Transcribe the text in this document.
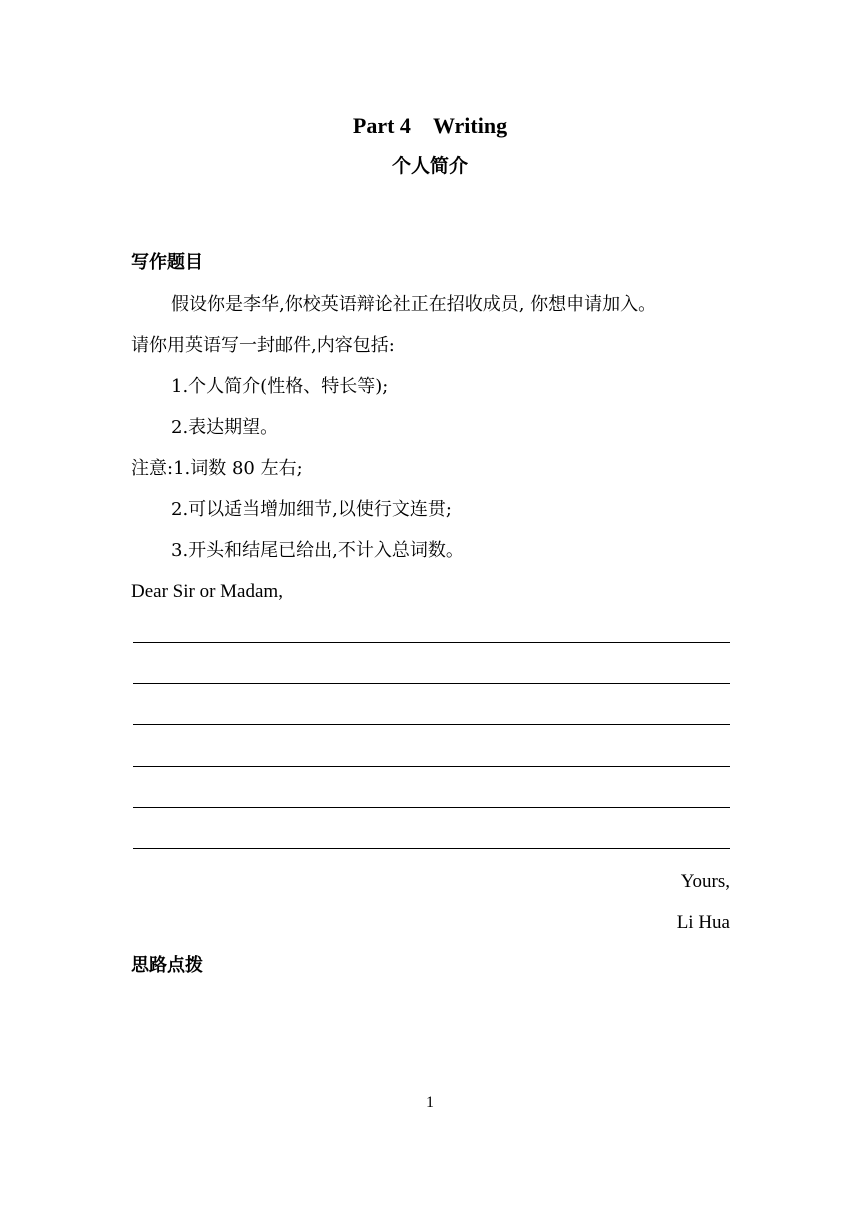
Part 4 Writing
个人简介
写作题目
假设你是李华,你校英语辩论社正在招收成员, 你想申请加入。
请你用英语写一封邮件,内容包括:
1.个人简介(性格、特长等);
2.表达期望。
注意:1.词数 80 左右;
2.可以适当增加细节,以使行文连贯;
3.开头和结尾已给出,不计入总词数。
Dear Sir or Madam,
Yours,
Li Hua
思路点拨
1
